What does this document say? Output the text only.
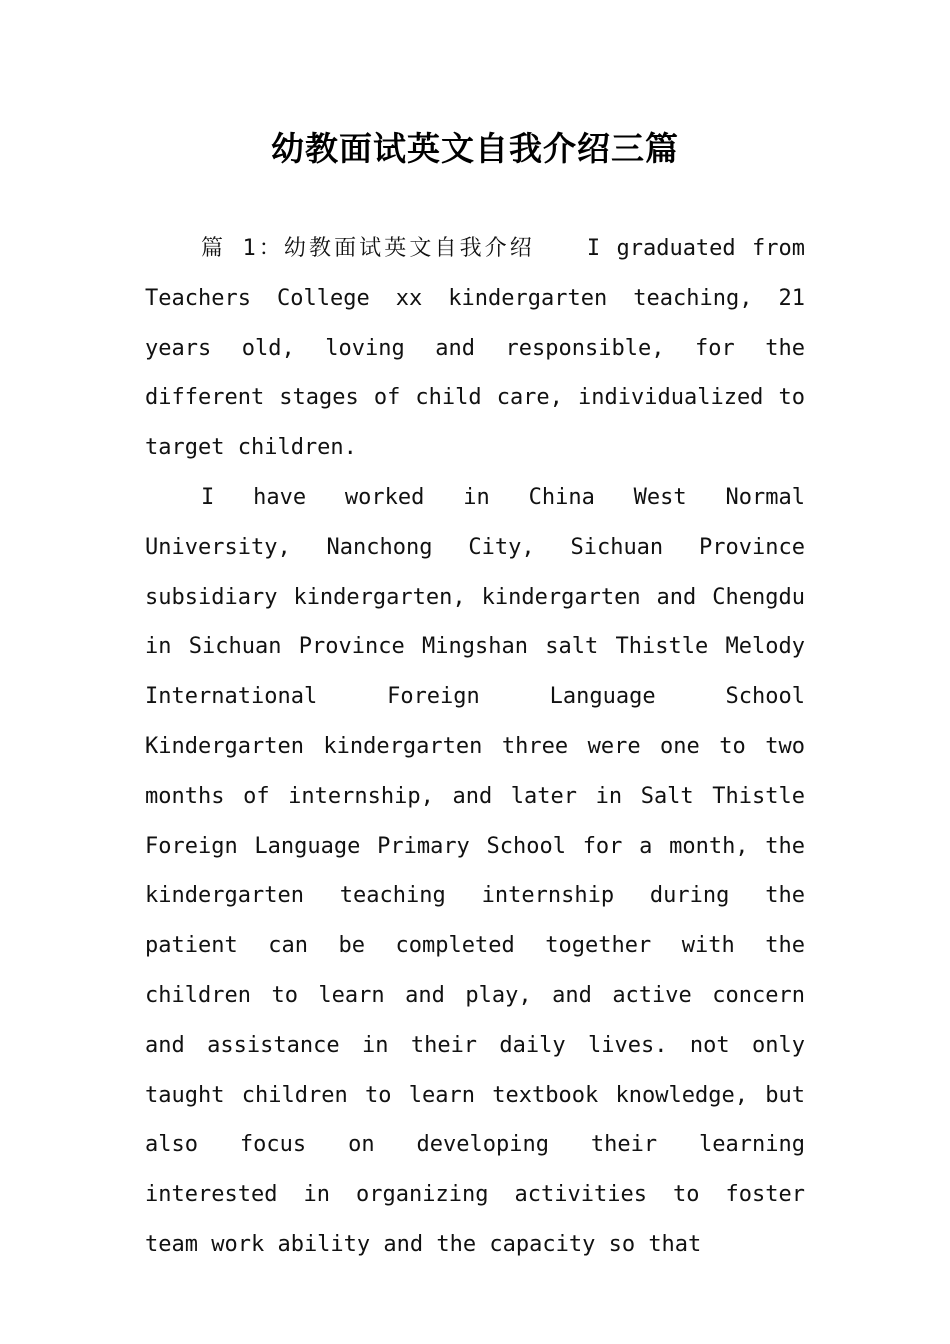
幼教面试英文自我介绍三篇

篇 1：幼教面试英文自我介绍 I graduated from Teachers College xx kindergarten teaching, 21 years old, loving and responsible, for the different stages of child care, individualized to target children.

I have worked in China West Normal University, Nanchong City, Sichuan Province subsidiary kindergarten, kindergarten and Chengdu in Sichuan Province Mingshan salt Thistle Melody International Foreign Language School Kindergarten kindergarten three were one to two months of internship, and later in Salt Thistle Foreign Language Primary School for a month, the kindergarten teaching internship during the patient can be completed together with the children to learn and play, and active concern and assistance in their daily lives. not only taught children to learn textbook knowledge, but also focus on developing their learning interested in organizing activities to foster team work ability and the capacity so that
